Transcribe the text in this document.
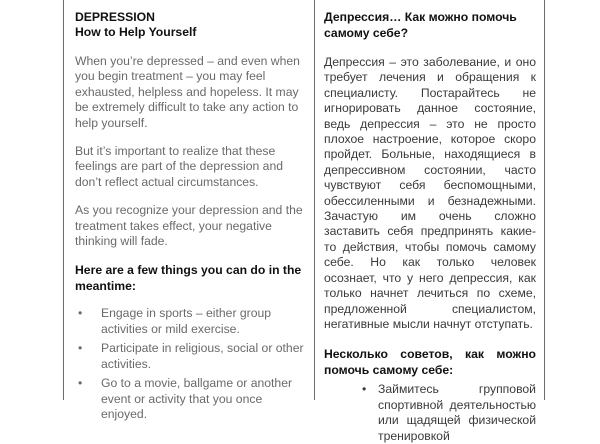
DEPRESSION
How to Help Yourself

When you’re depressed – and even when you begin treatment – you may feel exhausted, helpless and hopeless. It may be extremely difficult to take any action to help yourself.

But it’s important to realize that these feelings are part of the depression and don’t reflect actual circumstances.

As you recognize your depression and the treatment takes effect, your negative thinking will fade.

Here are a few things you can do in the meantime:
• Engage in sports – either group activities or mild exercise.
• Participate in religious, social or other activities.
• Go to a movie, ballgame or another event or activity that you once enjoyed.
Депрессия… Как можно помочь самому себе?

Депрессия – это заболевание, и оно требует лечения и обращения к специалисту. Постарайтесь не игнорировать данное состояние, ведь депрессия – это не просто плохое настроение, которое скоро пройдет. Больные, находящиеся в депрессивном состоянии, часто чувствуют себя беспомощными, обессиленными и безнадежными. Зачастую им очень сложно заставить себя предпринять какие-то действия, чтобы помочь самому себе. Но как только человек осознает, что у него депрессия, как только начнет лечиться по схеме, предложенной специалистом, негативные мысли начнут отступать.

Несколько советов, как можно помочь самому себе:
• Займитесь групповой спортивной деятельностью или щадящей физической тренировкой
